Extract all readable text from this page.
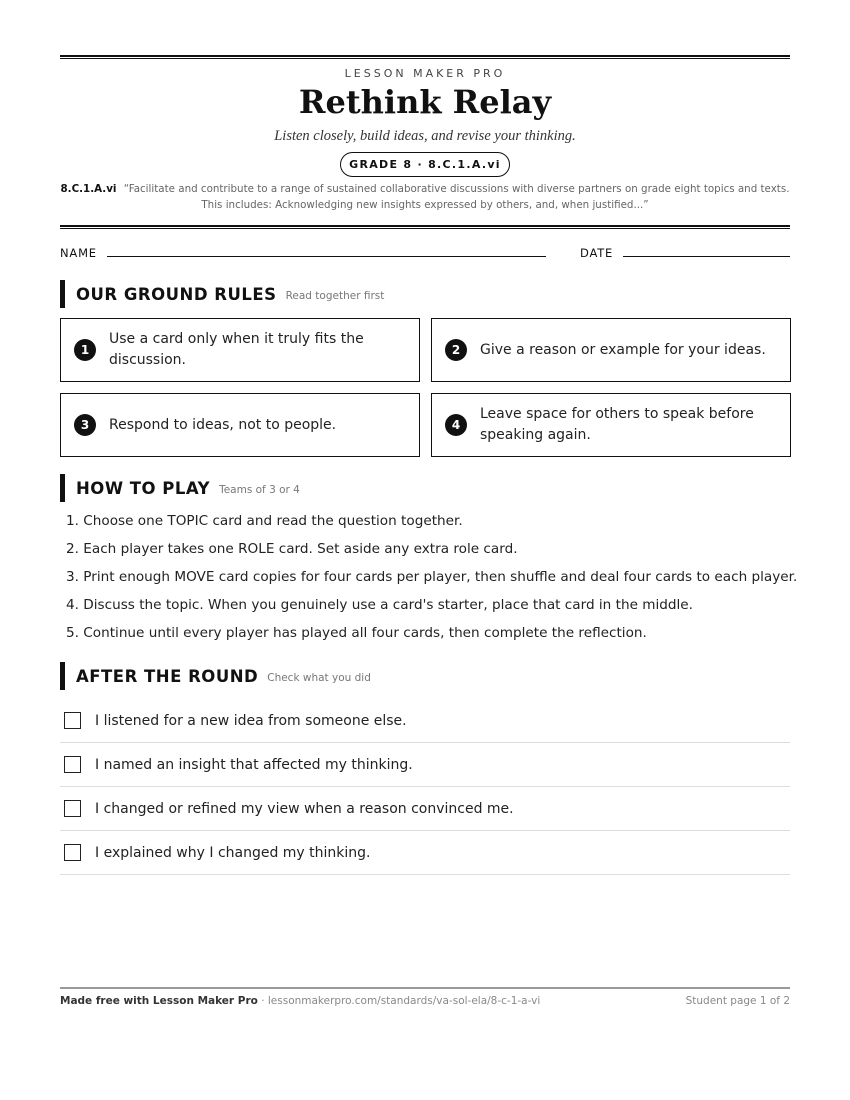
LESSON MAKER PRO
Rethink Relay
Listen closely, build ideas, and revise your thinking.
GRADE 8 · 8.C.1.A.vi
8.C.1.A.vi “Facilitate and contribute to a range of sustained collaborative discussions with diverse partners on grade eight topics and texts. This includes: Acknowledging new insights expressed by others, and, when justified...”
NAME	DATE
OUR GROUND RULES Read together first
1
Use a card only when it truly fits the discussion.
2	Give a reason or example for your ideas.
3	Respond to ideas, not to people.	4
Leave space for others to speak before speaking again.
HOW TO PLAY Teams of 3 or 4
1. Choose one TOPIC card and read the question together.
2. Each player takes one ROLE card. Set aside any extra role card.
3. Print enough MOVE card copies for four cards per player, then shuffle and deal four cards to each player.
4. Discuss the topic. When you genuinely use a card's starter, place that card in the middle.
5. Continue until every player has played all four cards, then complete the reflection.
AFTER THE ROUND Check what you did
I listened for a new idea from someone else.
I named an insight that affected my thinking.
I changed or refined my view when a reason convinced me.
I explained why I changed my thinking.
Made free with Lesson Maker Pro · lessonmakerpro.com/standards/va-sol-ela/8-c-1-a-vi	Student page 1 of 2
